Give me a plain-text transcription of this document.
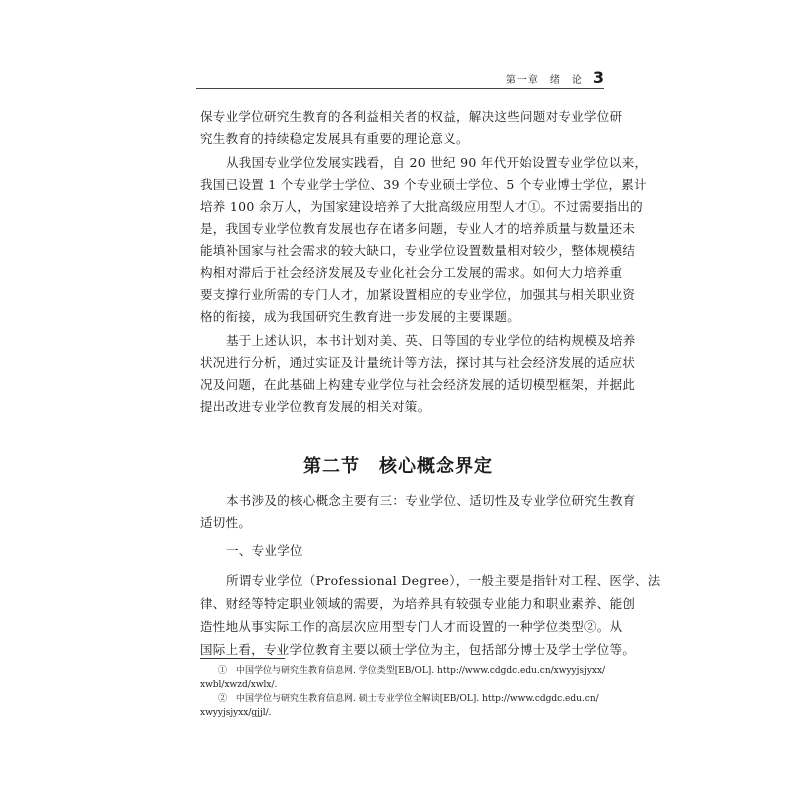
第一章　绪　论 3
保专业学位研究生教育的各利益相关者的权益，解决这些问题对专业学位研
究生教育的持续稳定发展具有重要的理论意义。
从我国专业学位发展实践看，自 20 世纪 90 年代开始设置专业学位以来，
我国已设置 1 个专业学士学位、39 个专业硕士学位、5 个专业博士学位，累计
培养 100 余万人，为国家建设培养了大批高级应用型人才①。不过需要指出的
是，我国专业学位教育发展也存在诸多问题，专业人才的培养质量与数量还未
能填补国家与社会需求的较大缺口，专业学位设置数量相对较少，整体规模结
构相对滞后于社会经济发展及专业化社会分工发展的需求。如何大力培养重
要支撑行业所需的专门人才，加紧设置相应的专业学位，加强其与相关职业资
格的衔接，成为我国研究生教育进一步发展的主要课题。
基于上述认识，本书计划对美、英、日等国的专业学位的结构规模及培养
状况进行分析，通过实证及计量统计等方法，探讨其与社会经济发展的适应状
况及问题，在此基础上构建专业学位与社会经济发展的适切模型框架，并据此
提出改进专业学位教育发展的相关对策。
第二节　核心概念界定
本书涉及的核心概念主要有三：专业学位、适切性及专业学位研究生教育
适切性。
一、专业学位
所谓专业学位（Professional Degree），一般主要是指针对工程、医学、法
律、财经等特定职业领域的需要，为培养具有较强专业能力和职业素养、能创
造性地从事实际工作的高层次应用型专门人才而设置的一种学位类型②。从
国际上看，专业学位教育主要以硕士学位为主，包括部分博士及学士学位等。
①　中国学位与研究生教育信息网. 学位类型[EB/OL]. http://www.cdgdc.edu.cn/xwyyjsjyxx/
xwbl/xwzd/xwlx/.
②　中国学位与研究生教育信息网. 硕士专业学位全解读[EB/OL]. http://www.cdgdc.edu.cn/
xwyyjsjyxx/gjjl/.
